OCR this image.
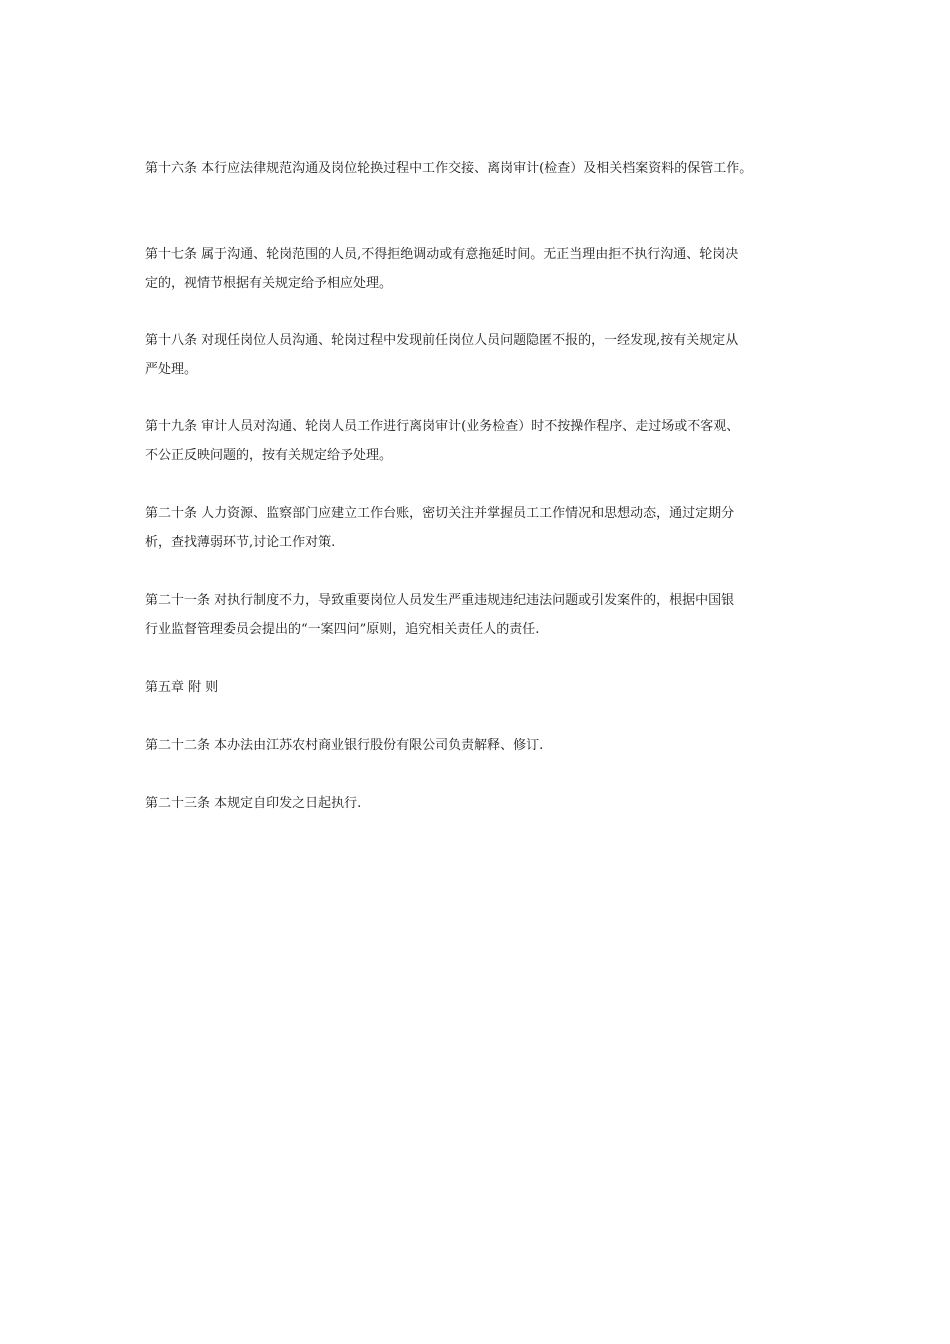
第十六条 本行应法律规范沟通及岗位轮换过程中工作交接、离岗审计(检查）及相关档案资料的保管工作。
第十七条 属于沟通、轮岗范围的人员,不得拒绝调动或有意拖延时间。无正当理由拒不执行沟通、轮岗决
定的，视情节根据有关规定给予相应处理。
第十八条 对现任岗位人员沟通、轮岗过程中发现前任岗位人员问题隐匿不报的，一经发现,按有关规定从
严处理。
第十九条 审计人员对沟通、轮岗人员工作进行离岗审计(业务检查）时不按操作程序、走过场或不客观、
不公正反映问题的，按有关规定给予处理。
第二十条 人力资源、监察部门应建立工作台账，密切关注并掌握员工工作情况和思想动态，通过定期分
析，查找薄弱环节,讨论工作对策.
第二十一条 对执行制度不力，导致重要岗位人员发生严重违规违纪违法问题或引发案件的，根据中国银
行业监督管理委员会提出的“一案四问”原则，追究相关责任人的责任.
第五章 附 则
第二十二条 本办法由江苏农村商业银行股份有限公司负责解释、修订.
第二十三条 本规定自印发之日起执行.
